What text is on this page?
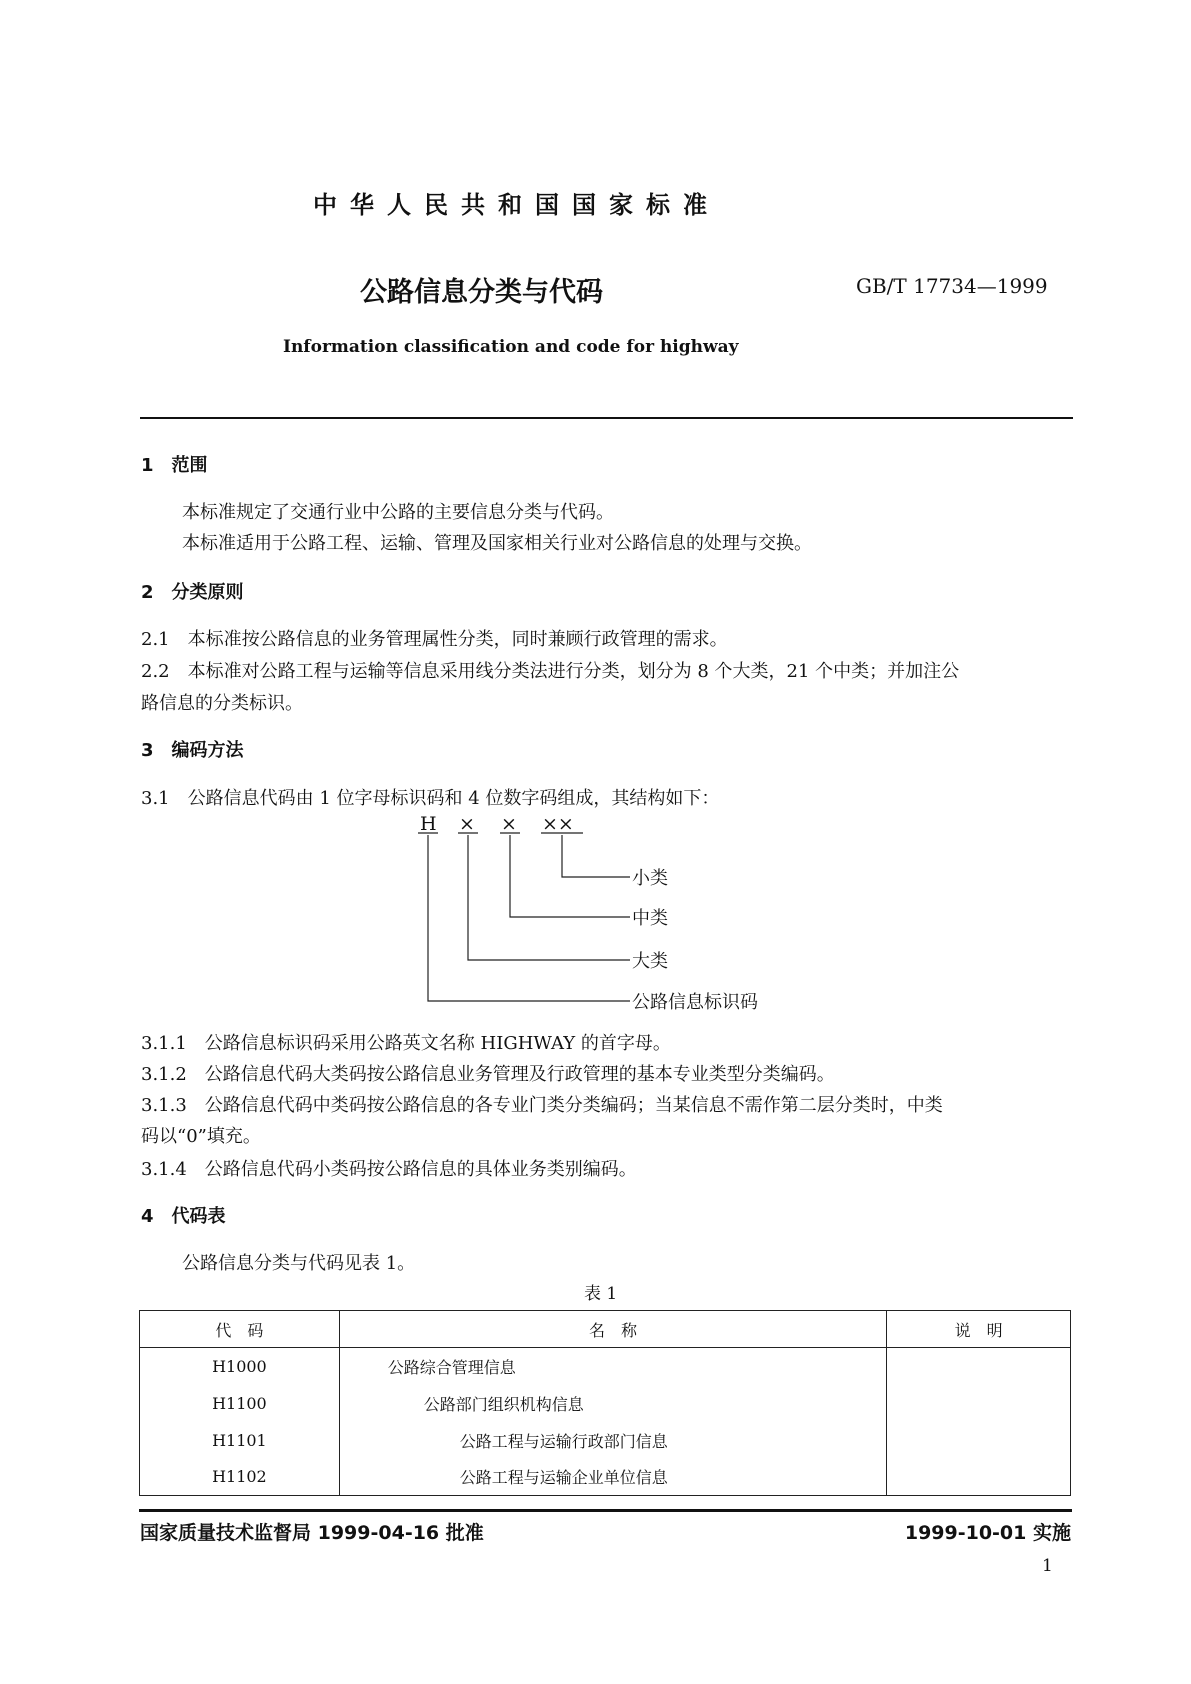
中华人民共和国国家标准
公路信息分类与代码	GB/T 17734—1999
Information classification and code for highway
1　 范围
本标准规定了交通行业中公路的主要信息分类与代码。
本标准适用于公路工程、运输、管理及国家相关行业对公路信息的处理与交换。
2　 分类原则
2.1　本标准按公路信息的业务管理属性分类，同时兼顾行政管理的需求。
2.2　本标准对公路工程与运输等信息采用线分类法进行分类，划分为 8 个大类，21 个中类；并加注公
路信息的分类标识。
3　 编码方法
3.1　公路信息代码由 1 位字母标识码和 4 位数字码组成，其结构如下：
H × × ××
小类
中类
大类
公路信息标识码
3.1.1　公路信息标识码采用公路英文名称 HIGHWAY 的首字母。
3.1.2　公路信息代码大类码按公路信息业务管理及行政管理的基本专业类型分类编码。
3.1.3　公路信息代码中类码按公路信息的各专业门类分类编码；当某信息不需作第二层分类时，中类
码以“0”填充。
3.1.4　公路信息代码小类码按公路信息的具体业务类别编码。
4　 代码表
公路信息分类与代码见表 1。
表 1
代　码	名　称	说　明
H1000	公路综合管理信息	
H1100	公路部门组织机构信息	
H1101	公路工程与运输行政部门信息	
H1102	公路工程与运输企业单位信息	
国家质量技术监督局 1999-04-16 批准	1999-10-01 实施
1
